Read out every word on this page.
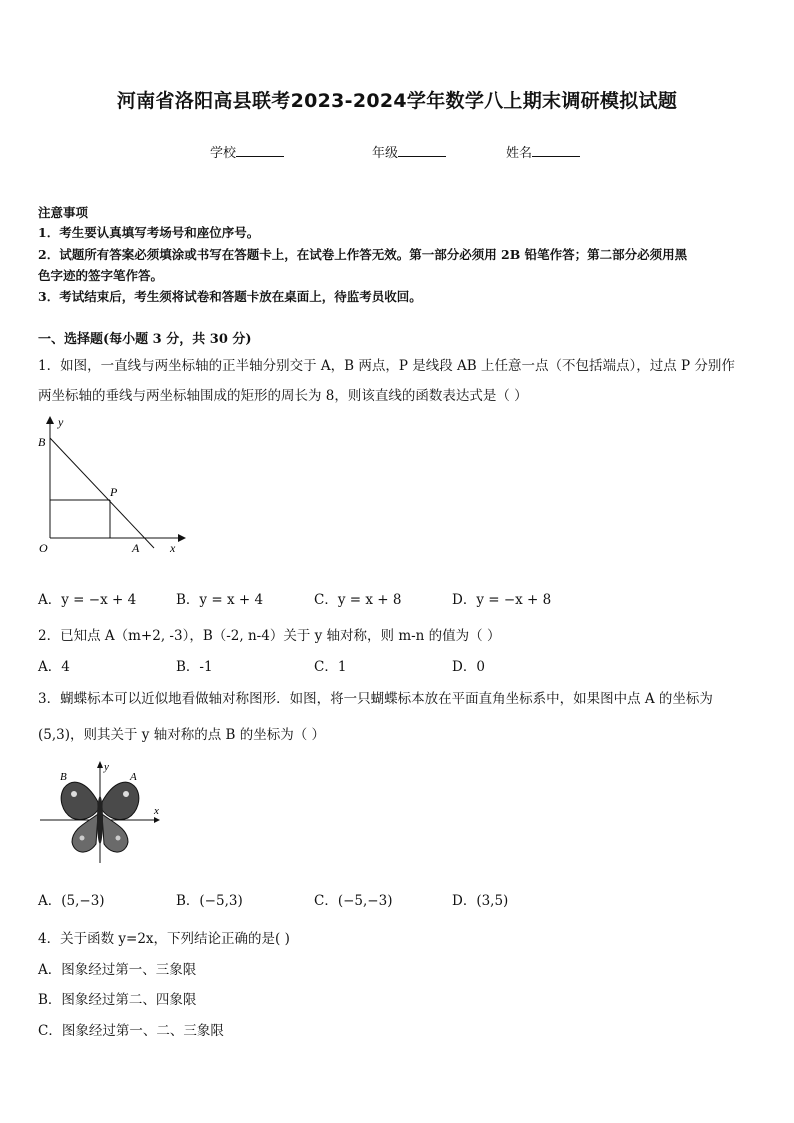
河南省洛阳高县联考2023-2024学年数学八上期末调研模拟试题
学校	年级	姓名
注意事项
1．考生要认真填写考场号和座位序号。
2．试题所有答案必须填涂或书写在答题卡上，在试卷上作答无效。第一部分必须用 2B 铅笔作答；第二部分必须用黑
色字迹的签字笔作答。
3．考试结束后，考生须将试卷和答题卡放在桌面上，待监考员收回。
一、选择题(每小题 3 分，共 30 分)
1．如图，一直线与两坐标轴的正半轴分别交于 A，B 两点，P 是线段 AB 上任意一点（不包括端点），过点 P 分别作
两坐标轴的垂线与两坐标轴围成的矩形的周长为 8，则该直线的函数表达式是（ ）
y
B
P
O	A	x
A．y = −x + 4	B．y = x + 4	C．y = x + 8	D．y = −x + 8
2．已知点 A（m+2, -3），B（-2, n-4）关于 y 轴对称，则 m-n 的值为（ ）
A．4	B．-1	C．1	D．0
3．蝴蝶标本可以近似地看做轴对称图形．如图，将一只蝴蝶标本放在平面直角坐标系中，如果图中点 A 的坐标为
(5,3)，则其关于 y 轴对称的点 B 的坐标为（ ）
B	A
y
x
A．(5,−3)	B．(−5,3)	C．(−5,−3)	D．(3,5)
4．关于函数 y=2x，下列结论正确的是( )
A．图象经过第一、三象限
B．图象经过第二、四象限
C．图象经过第一、二、三象限
